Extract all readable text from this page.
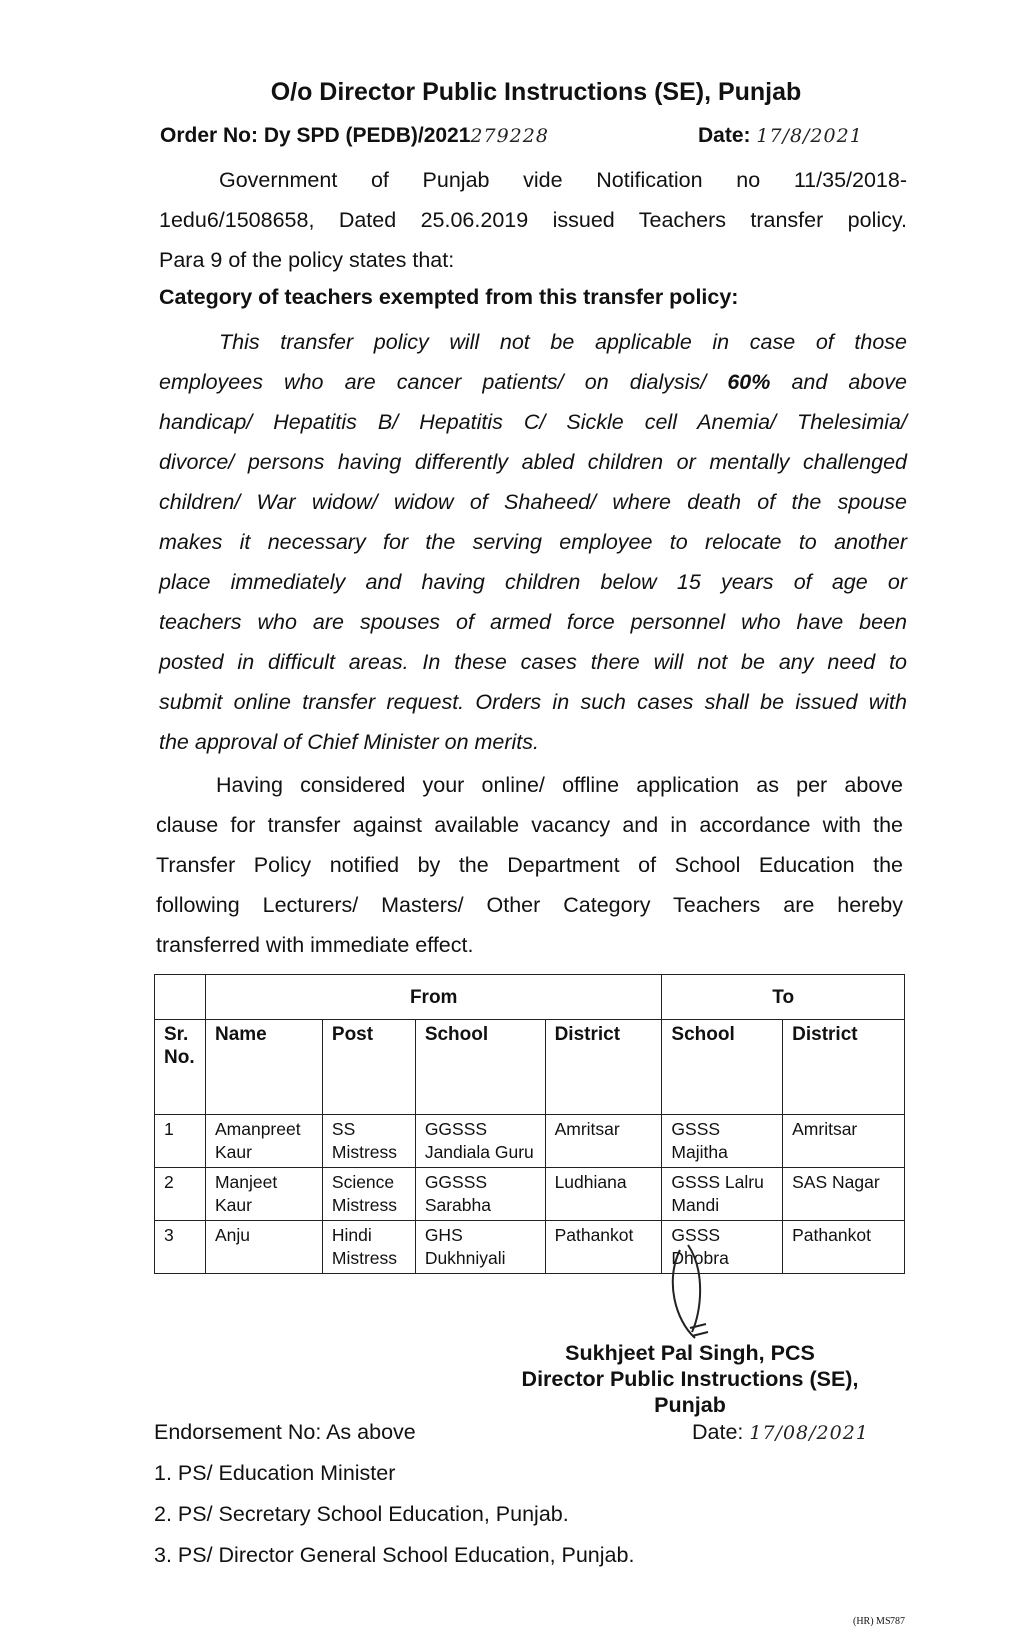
O/o Director Public Instructions (SE), Punjab
Order No: Dy SPD (PEDB)/2021279228	Date: 17/8/2021
Government of Punjab vide Notification no 11/35/2018-
1edu6/1508658, Dated 25.06.2019 issued Teachers transfer policy.
Para 9 of the policy states that:
Category of teachers exempted from this transfer policy:
This transfer policy will not be applicable in case of those
employees who are cancer patients/ on dialysis/ 60% and above
handicap/ Hepatitis B/ Hepatitis C/ Sickle cell Anemia/ Thelesimia/
divorce/ persons having differently abled children or mentally challenged
children/ War widow/ widow of Shaheed/ where death of the spouse
makes it necessary for the serving employee to relocate to another
place immediately and having children below 15 years of age or
teachers who are spouses of armed force personnel who have been
posted in difficult areas. In these cases there will not be any need to
submit online transfer request. Orders in such cases shall be issued with
the approval of Chief Minister on merits.
Having considered your online/ offline application as per above
clause for transfer against available vacancy and in accordance with the
Transfer Policy notified by the Department of School Education the
following Lecturers/ Masters/ Other Category Teachers are hereby
transferred with immediate effect.
	From				To	
Sr. No.	Name	Post	School	District	School	District
1	Amanpreet Kaur	SS Mistress	GGSSS Jandiala Guru	Amritsar	GSSS Majitha	Amritsar
2	Manjeet Kaur	Science Mistress	GGSSS Sarabha	Ludhiana	GSSS Lalru Mandi	SAS Nagar
3	Anju	Hindi Mistress	GHS Dukhniyali	Pathankot	GSSS Dhobra	Pathankot
Sukhjeet Pal Singh, PCS
Director Public Instructions (SE),
Punjab
Endorsement No: As above	Date: 17/08/2021
1. PS/ Education Minister
2. PS/ Secretary School Education, Punjab.
3. PS/ Director General School Education, Punjab.
(HR) MS 787
